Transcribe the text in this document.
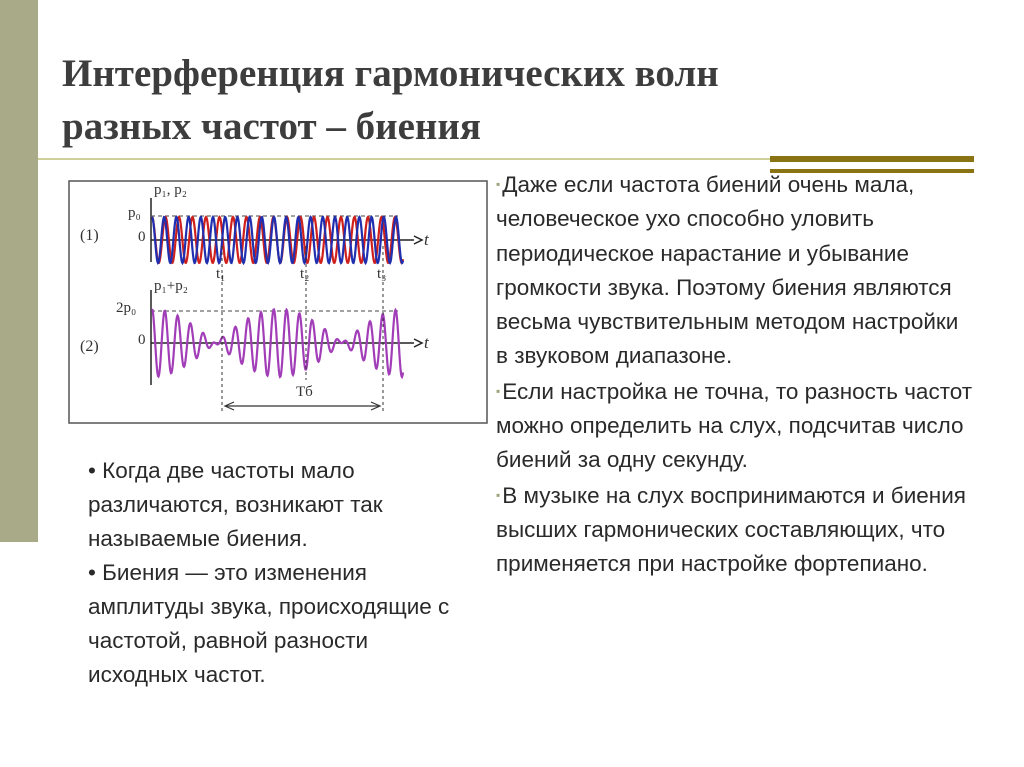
Интерференция гармонических волн
разных частот – биения
(1)
(2)
p₁, p₂
p₁+p₂
p₀
2p₀
0
0
t
t
t₁	t₂	t₃
Tб
• Когда две частоты мало различаются, возникают так называемые биения.
• Биения — это изменения амплитуды звука, происходящие с частотой, равной разности исходных частот.
▪Даже если частота биений очень мала, человеческое ухо способно уловить периодическое нарастание и убывание громкости звука. Поэтому биения являются весьма чувствительным методом настройки в звуковом диапазоне.
▪Если настройка не точна, то разность частот можно определить на слух, подсчитав число биений за одну секунду.
▪В музыке на слух воспринимаются и биения высших гармонических составляющих, что применяется при настройке фортепиано.
